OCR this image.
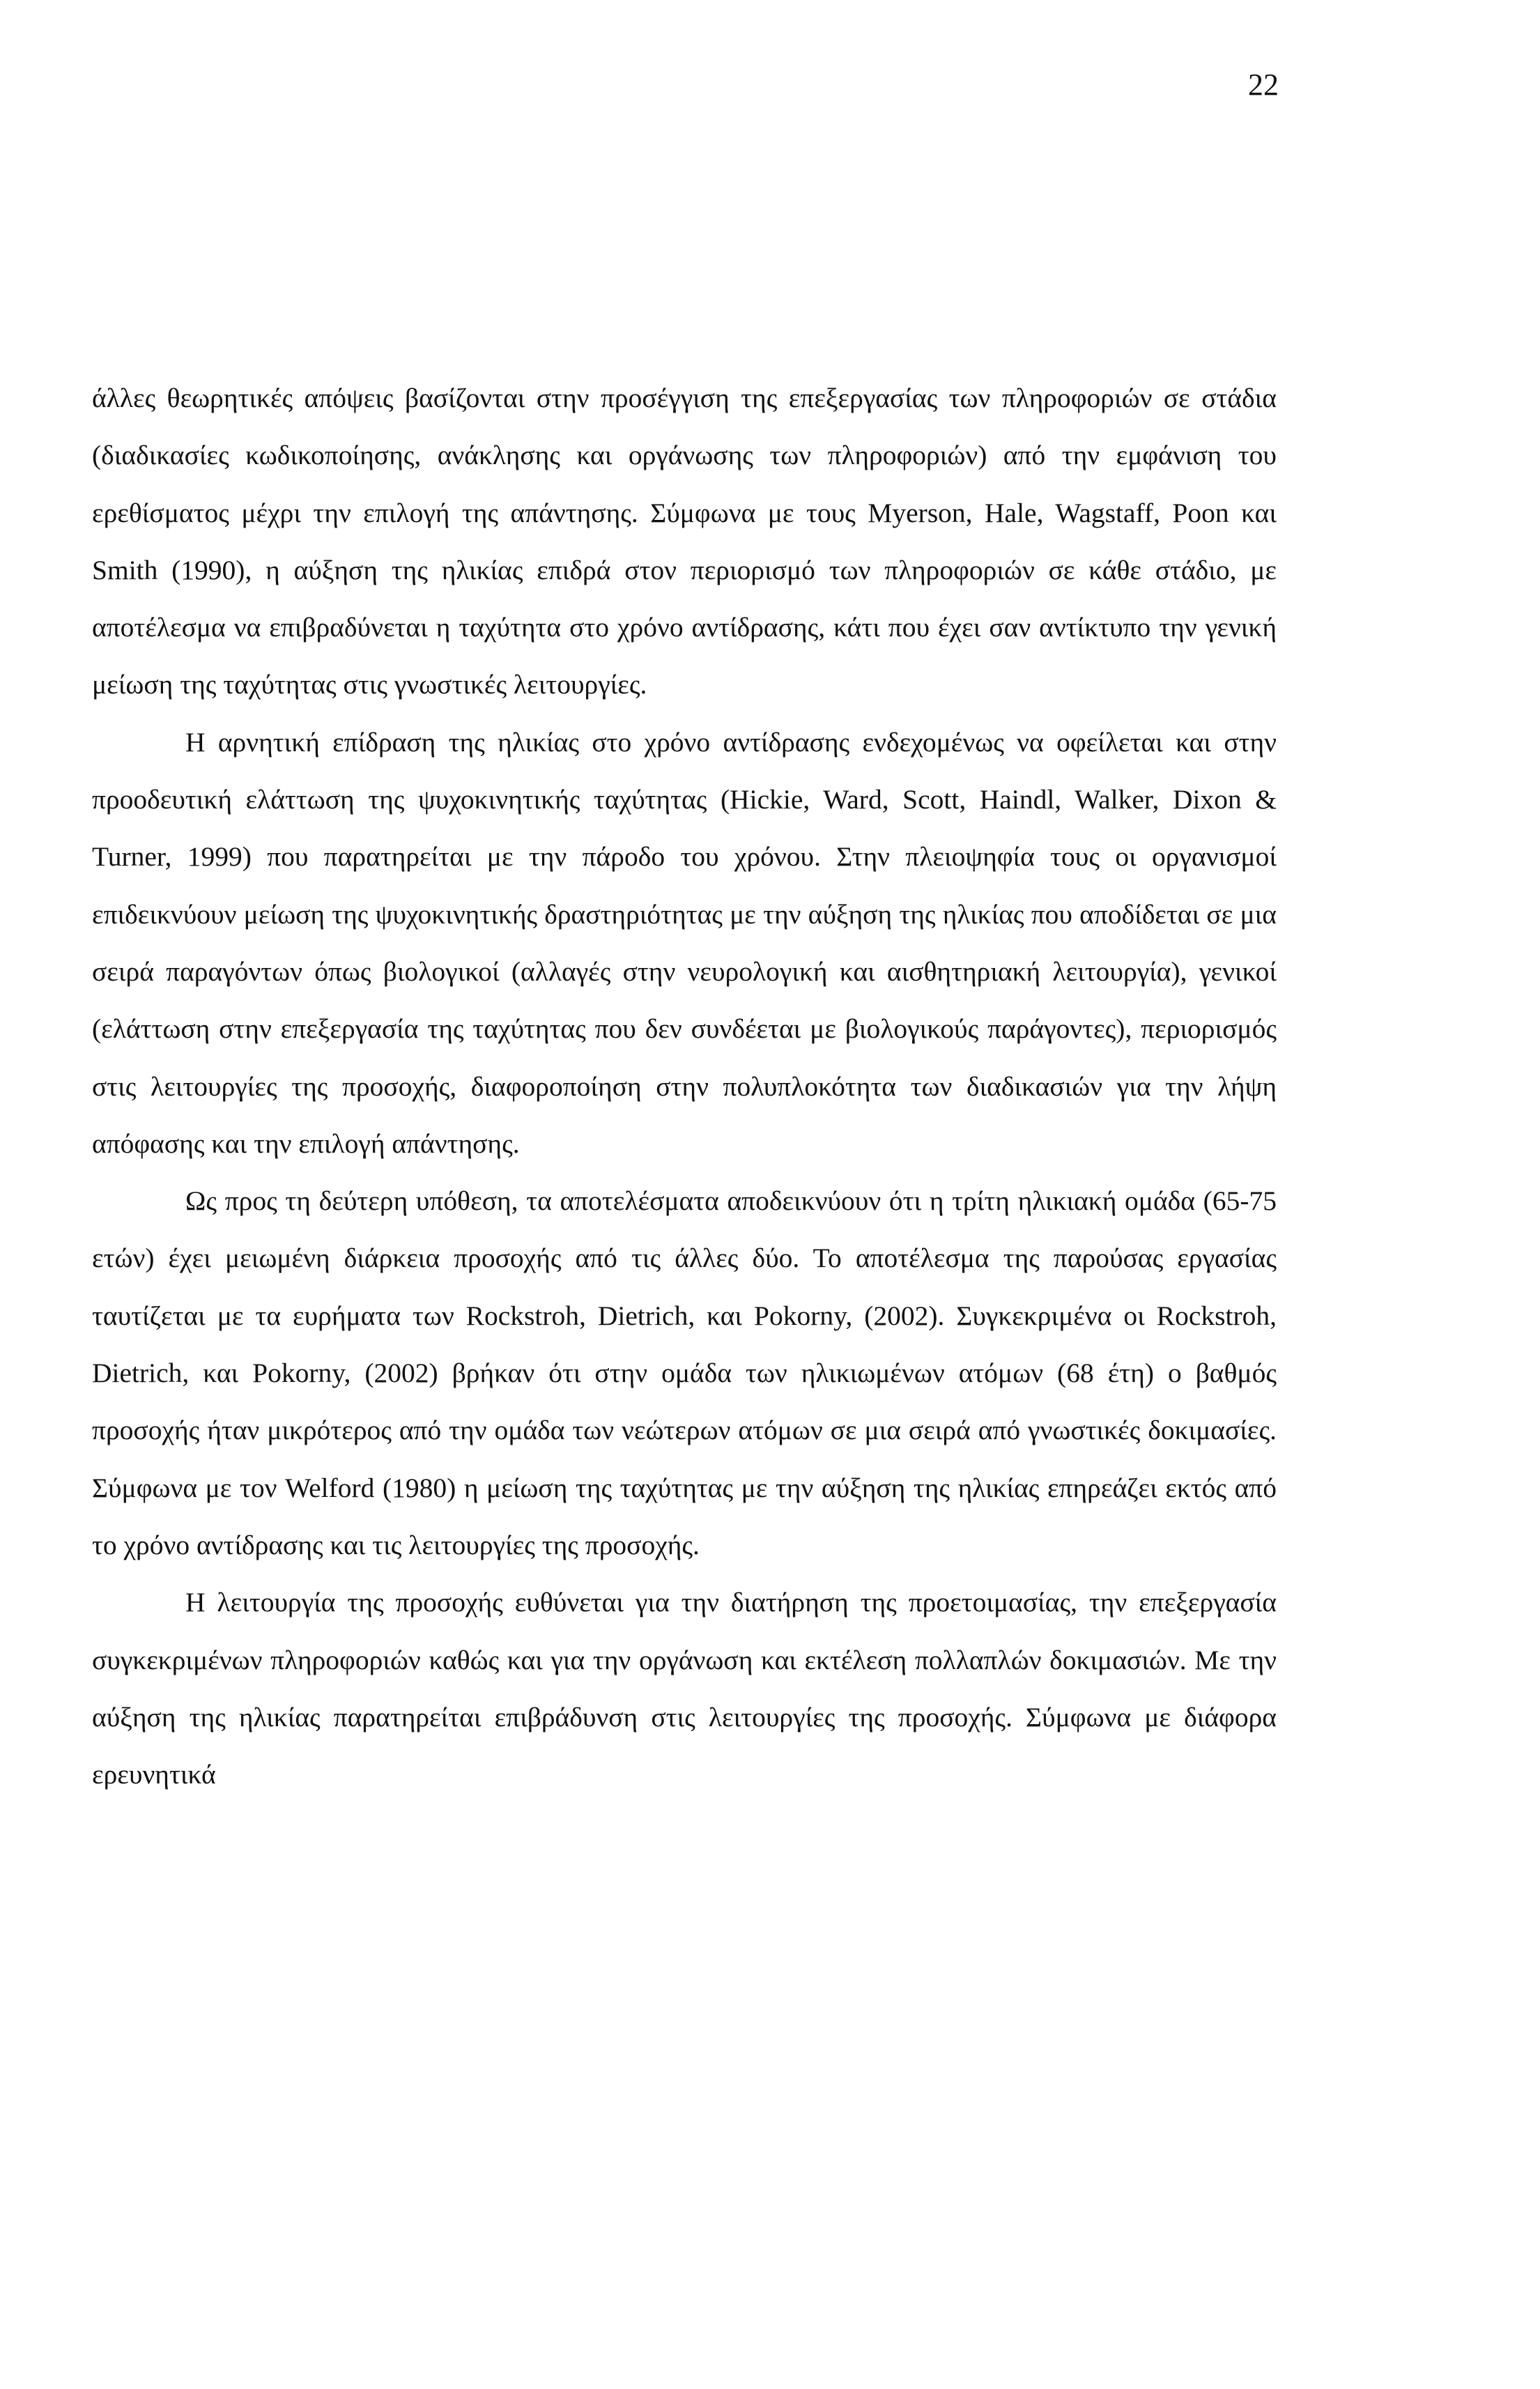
22

άλλες θεωρητικές απόψεις βασίζονται στην προσέγγιση της επεξεργασίας των πληροφοριών σε στάδια (διαδικασίες κωδικοποίησης, ανάκλησης και οργάνωσης των πληροφοριών) από την εμφάνιση του ερεθίσματος μέχρι την επιλογή της απάντησης. Σύμφωνα με τους Myerson, Hale, Wagstaff, Poon και Smith (1990), η αύξηση της ηλικίας επιδρά στον περιορισμό των πληροφοριών σε κάθε στάδιο, με αποτέλεσμα να επιβραδύνεται η ταχύτητα στο χρόνο αντίδρασης, κάτι που έχει σαν αντίκτυπο την γενική μείωση της ταχύτητας στις γνωστικές λειτουργίες.

Η αρνητική επίδραση της ηλικίας στο χρόνο αντίδρασης ενδεχομένως να οφείλεται και στην προοδευτική ελάττωση της ψυχοκινητικής ταχύτητας (Hickie, Ward, Scott, Haindl, Walker, Dixon & Turner, 1999) που παρατηρείται με την πάροδο του χρόνου. Στην πλειοψηφία τους οι οργανισμοί επιδεικνύουν μείωση της ψυχοκινητικής δραστηριότητας με την αύξηση της ηλικίας που αποδίδεται σε μια σειρά παραγόντων όπως βιολογικοί (αλλαγές στην νευρολογική και αισθητηριακή λειτουργία), γενικοί (ελάττωση στην επεξεργασία της ταχύτητας που δεν συνδέεται με βιολογικούς παράγοντες), περιορισμός στις λειτουργίες της προσοχής, διαφοροποίηση στην πολυπλοκότητα των διαδικασιών για την λήψη απόφασης και την επιλογή απάντησης.

Ως προς τη δεύτερη υπόθεση, τα αποτελέσματα αποδεικνύουν ότι η τρίτη ηλικιακή ομάδα (65-75 ετών) έχει μειωμένη διάρκεια προσοχής από τις άλλες δύο. Το αποτέλεσμα της παρούσας εργασίας ταυτίζεται με τα ευρήματα των Rockstroh, Dietrich, και Pokorny, (2002). Συγκεκριμένα οι Rockstroh, Dietrich, και Pokorny, (2002) βρήκαν ότι στην ομάδα των ηλικιωμένων ατόμων (68 έτη) ο βαθμός προσοχής ήταν μικρότερος από την ομάδα των νεώτερων ατόμων σε μια σειρά από γνωστικές δοκιμασίες. Σύμφωνα με τον Welford (1980) η μείωση της ταχύτητας με την αύξηση της ηλικίας επηρεάζει εκτός από το χρόνο αντίδρασης και τις λειτουργίες της προσοχής.

Η λειτουργία της προσοχής ευθύνεται για την διατήρηση της προετοιμασίας, την επεξεργασία συγκεκριμένων πληροφοριών καθώς και για την οργάνωση και εκτέλεση πολλαπλών δοκιμασιών. Με την αύξηση της ηλικίας παρατηρείται επιβράδυνση στις λειτουργίες της προσοχής. Σύμφωνα με διάφορα ερευνητικά
